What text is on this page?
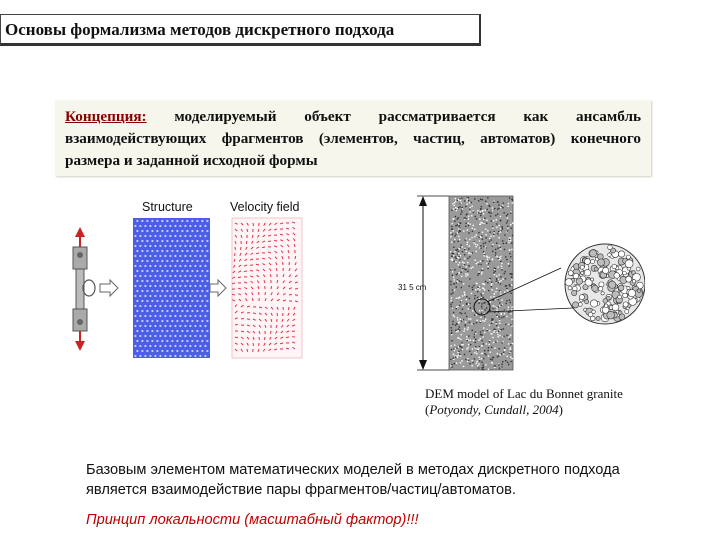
Основы формализма методов дискретного подхода
Концепция: моделируемый объект рассматривается как ансамбль взаимодействующих фрагментов (элементов, частиц, автоматов) конечного размера и заданной исходной формы
Structure	Velocity field
31 5 cm
DEM model of Lac du Bonnet granite
(Potyondy, Cundall, 2004)
Базовым элементом математических моделей в методах дискретного подхода является взаимодействие пары фрагментов/частиц/автоматов.
Принцип локальности (масштабный фактор)!!!
